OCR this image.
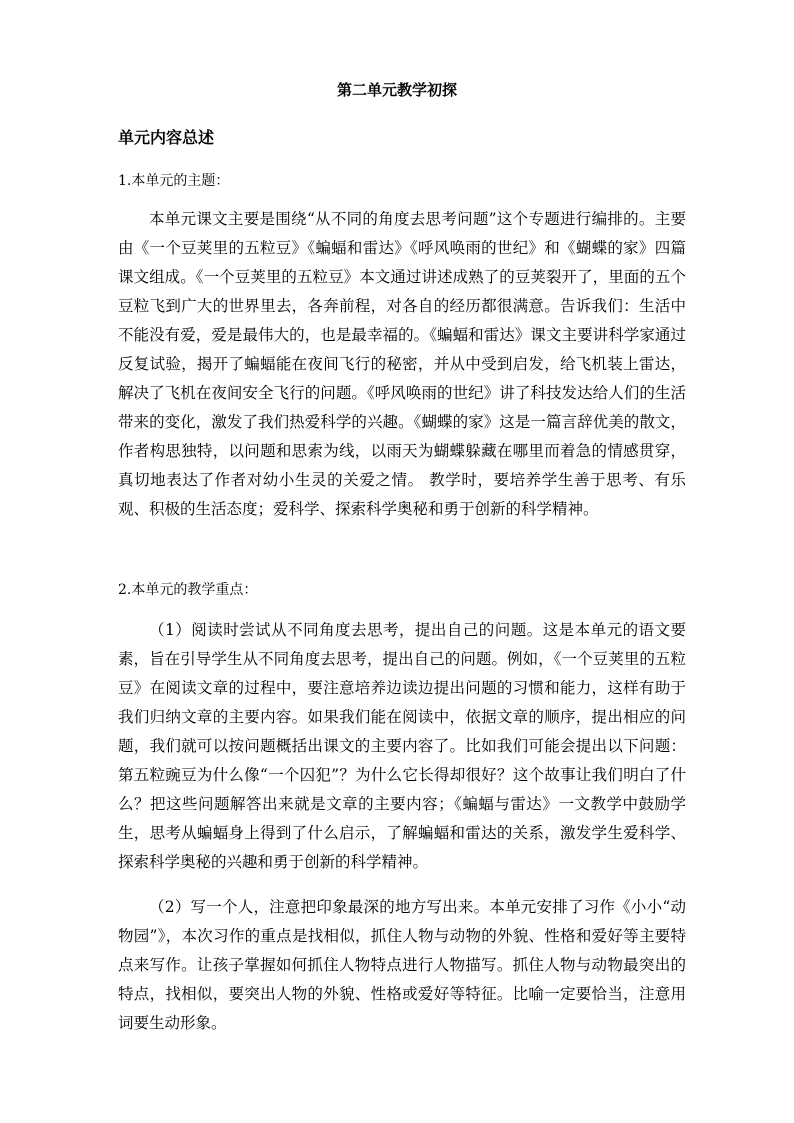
第二单元教学初探
单元内容总述
1.本单元的主题：

本单元课文主要是围绕“从不同的角度去思考问题”这个专题进行编排的。主要由《一个豆荚里的五粒豆》《蝙蝠和雷达》《呼风唤雨的世纪》和《蝴蝶的家》四篇课文组成。《一个豆荚里的五粒豆》本文通过讲述成熟了的豆荚裂开了，里面的五个豆粒飞到广大的世界里去，各奔前程，对各自的经历都很满意。告诉我们：生活中不能没有爱，爱是最伟大的，也是最幸福的。《蝙蝠和雷达》课文主要讲科学家通过反复试验，揭开了蝙蝠能在夜间飞行的秘密，并从中受到启发，给飞机装上雷达，解决了飞机在夜间安全飞行的问题。《呼风唤雨的世纪》讲了科技发达给人们的生活带来的变化，激发了我们热爱科学的兴趣。《蝴蝶的家》这是一篇言辞优美的散文，作者构思独特，以问题和思索为线，以雨天为蝴蝶躲藏在哪里而着急的情感贯穿，真切地表达了作者对幼小生灵的关爱之情。 教学时，要培养学生善于思考、有乐观、积极的生活态度；爱科学、探索科学奥秘和勇于创新的科学精神。

2.本单元的教学重点：

（1）阅读时尝试从不同角度去思考，提出自己的问题。这是本单元的语文要素，旨在引导学生从不同角度去思考，提出自己的问题。例如，《一个豆荚里的五粒豆》在阅读文章的过程中，要注意培养边读边提出问题的习惯和能力，这样有助于我们归纳文章的主要内容。如果我们能在阅读中，依据文章的顺序，提出相应的问题，我们就可以按问题概括出课文的主要内容了。比如我们可能会提出以下问题：第五粒豌豆为什么像“一个囚犯”？为什么它长得却很好？这个故事让我们明白了什么？把这些问题解答出来就是文章的主要内容；《蝙蝠与雷达》一文教学中鼓励学生，思考从蝙蝠身上得到了什么启示，了解蝙蝠和雷达的关系，激发学生爱科学、探索科学奥秘的兴趣和勇于创新的科学精神。

（2）写一个人，注意把印象最深的地方写出来。本单元安排了习作《小小“动物园”》，本次习作的重点是找相似，抓住人物与动物的外貌、性格和爱好等主要特点来写作。让孩子掌握如何抓住人物特点进行人物描写。抓住人物与动物最突出的特点，找相似，要突出人物的外貌、性格或爱好等特征。比喻一定要恰当，注意用词要生动形象。
